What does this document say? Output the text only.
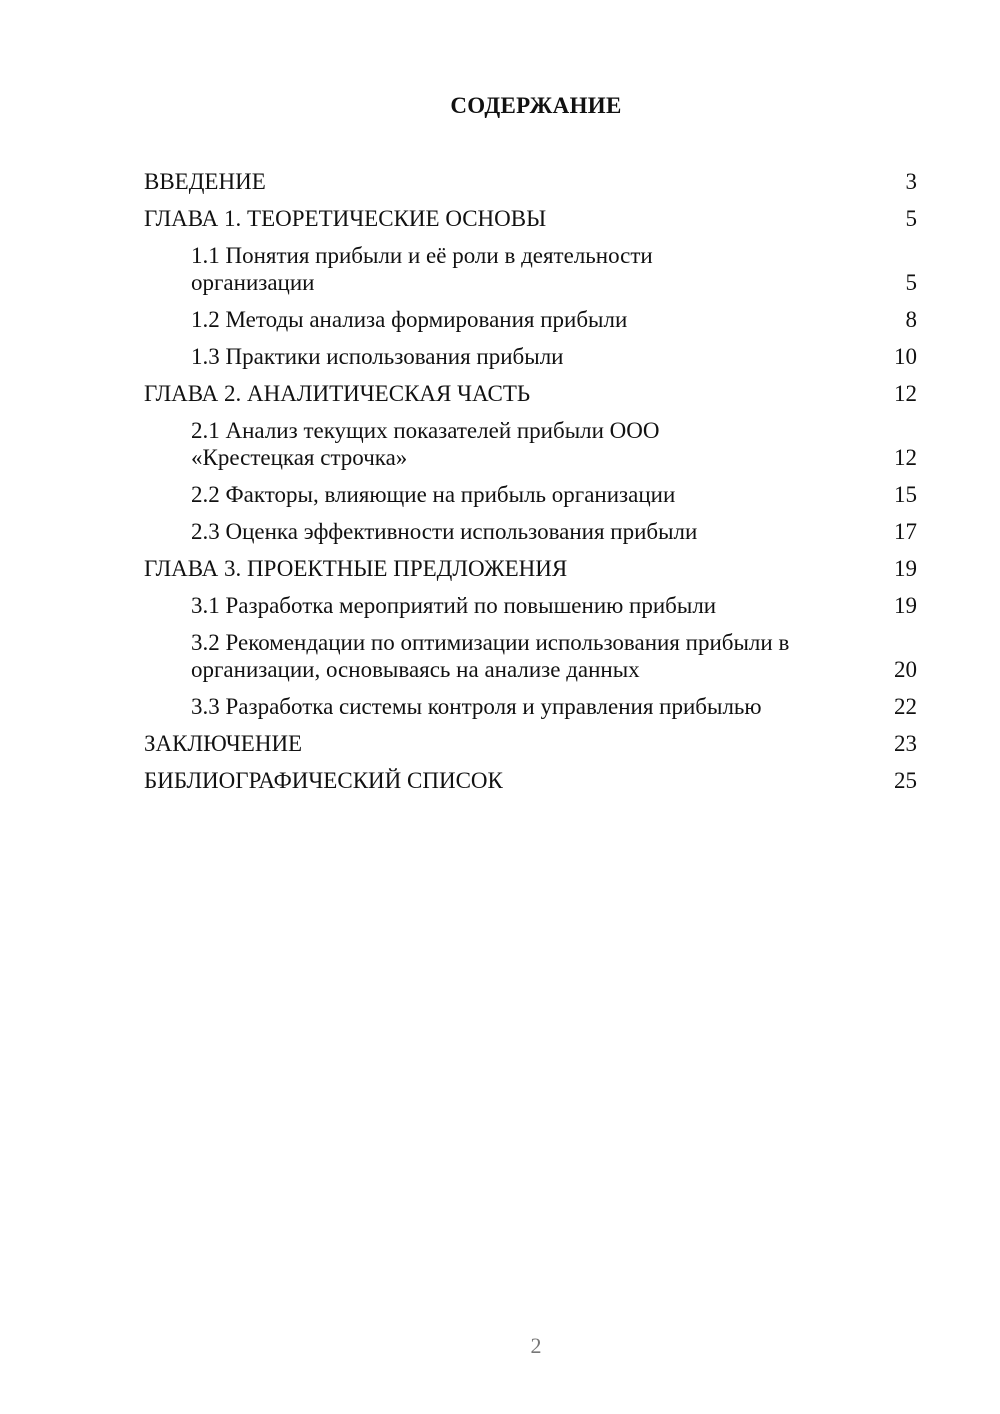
СОДЕРЖАНИЕ
ВВЕДЕНИЕ	3
ГЛАВА 1. ТЕОРЕТИЧЕСКИЕ ОСНОВЫ	5
1.1 Понятия прибыли и её роли в деятельности организации	5
1.2 Методы анализа формирования прибыли	8
1.3 Практики использования прибыли	10
ГЛАВА 2. АНАЛИТИЧЕСКАЯ ЧАСТЬ	12
2.1 Анализ текущих показателей прибыли ООО «Крестецкая строчка»	12
2.2 Факторы, влияющие на прибыль организации	15
2.3 Оценка эффективности использования прибыли	17
ГЛАВА 3. ПРОЕКТНЫЕ ПРЕДЛОЖЕНИЯ	19
3.1 Разработка мероприятий по повышению прибыли	19
3.2 Рекомендации по оптимизации использования прибыли в организации, основываясь на анализе данных	20
3.3 Разработка системы контроля и управления прибылью	22
ЗАКЛЮЧЕНИЕ	23
БИБЛИОГРАФИЧЕСКИЙ СПИСОК	25
2
